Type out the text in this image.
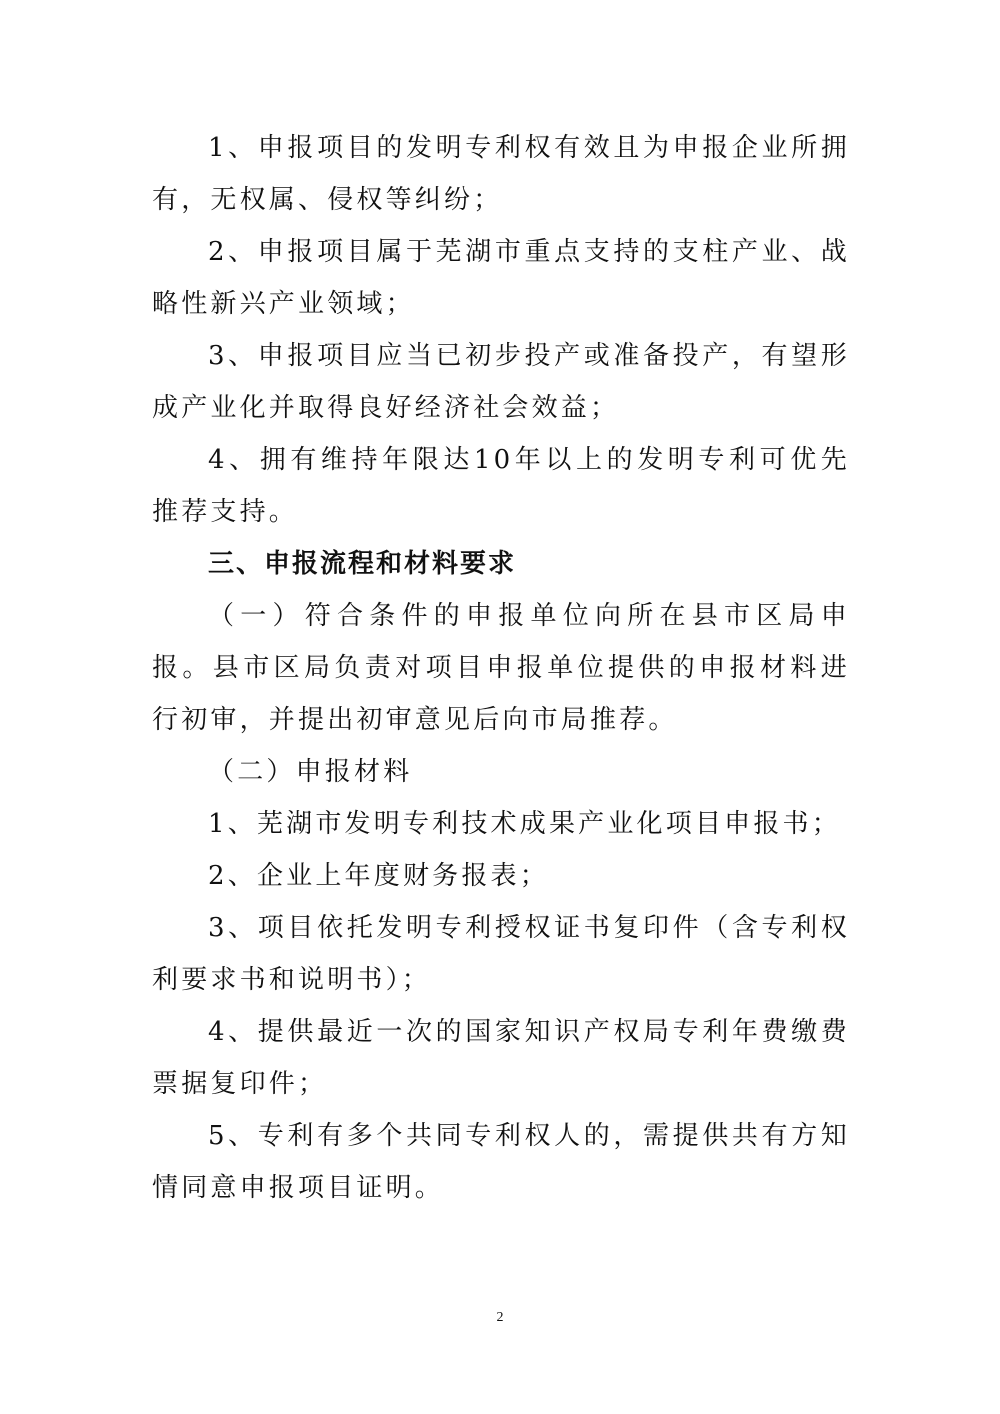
1、申报项目的发明专利权有效且为申报企业所拥有，无权属、侵权等纠纷；

2、申报项目属于芜湖市重点支持的支柱产业、战略性新兴产业领域；

3、申报项目应当已初步投产或准备投产，有望形成产业化并取得良好经济社会效益；

4、拥有维持年限达10年以上的发明专利可优先推荐支持。

三、申报流程和材料要求

（一）符合条件的申报单位向所在县市区局申报。县市区局负责对项目申报单位提供的申报材料进行初审，并提出初审意见后向市局推荐。

（二）申报材料

1、芜湖市发明专利技术成果产业化项目申报书；

2、企业上年度财务报表；

3、项目依托发明专利授权证书复印件（含专利权利要求书和说明书）；

4、提供最近一次的国家知识产权局专利年费缴费票据复印件；

5、专利有多个共同专利权人的，需提供共有方知情同意申报项目证明。

2
